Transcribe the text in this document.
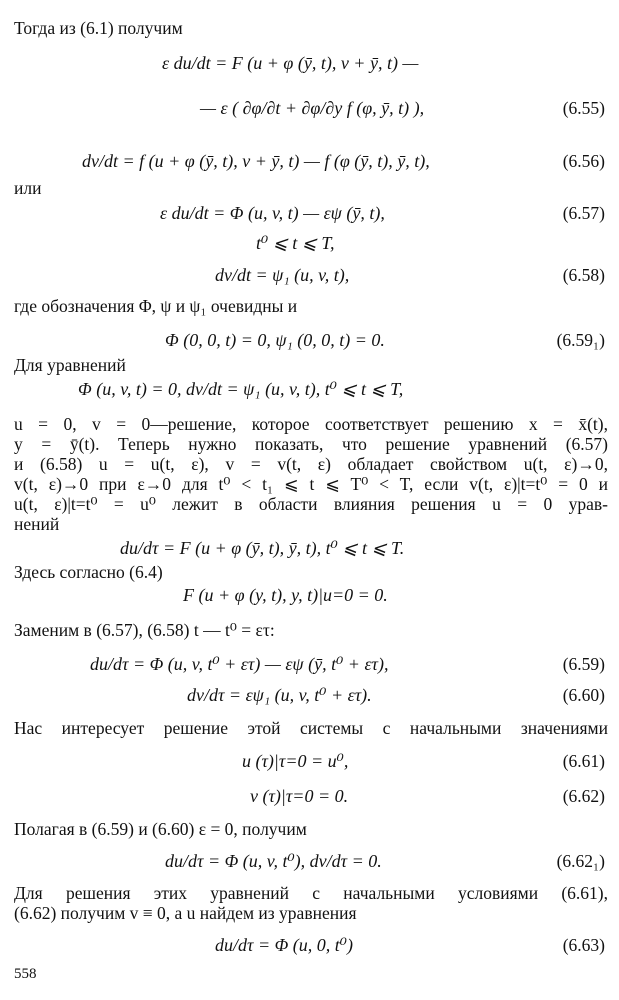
Тогда из (6.1) получим
ε du/dt = F (u + φ (ȳ, t), v + ȳ, t) —
— ε ( ∂φ/∂t + ∂φ/∂y f (φ, ȳ, t) ),	(6.55)
dv/dt = f (u + φ (ȳ, t), v + ȳ, t) — f (φ (ȳ, t), ȳ, t),	(6.56)
или
ε du/dt = Φ (u, v, t) — εψ (ȳ, t),	(6.57)
t⁰ ⩽ t ⩽ T,
dv/dt = ψ₁ (u, v, t),	(6.58)
где обозначения Φ, ψ и ψ₁ очевидны и
Φ (0, 0, t) = 0, ψ₁ (0, 0, t) = 0.	(6.59₁)
Для уравнений
Φ (u, v, t) = 0, dv/dt = ψ₁ (u, v, t), t⁰ ⩽ t ⩽ T,
u = 0, v = 0—решение, которое соответствует решению x = x̄(t),
y = ȳ(t). Теперь нужно показать, что решение уравнений (6.57)
и (6.58) u = u(t, ε), v = v(t, ε) обладает свойством u(t, ε)→0,
v(t, ε)→0 при ε→0 для t⁰ < t₁ ⩽ t ⩽ T⁰ < T, если v(t, ε)|t=t⁰ = 0 и
u(t, ε)|t=t⁰ = u⁰ лежит в области влияния решения u = 0 урав-
нений
du/dτ = F (u + φ (ȳ, t), ȳ, t), t⁰ ⩽ t ⩽ T.
Здесь согласно (6.4)
F (u + φ (y, t), y, t)|u=0 = 0.
Заменим в (6.57), (6.58) t — t⁰ = ετ:
du/dτ = Φ (u, v, t⁰ + ετ) — εψ (ȳ, t⁰ + ετ),	(6.59)
dv/dτ = εψ₁ (u, v, t⁰ + ετ).	(6.60)
Нас интересует решение этой системы с начальными значениями
u (τ)|τ=0 = u⁰,	(6.61)
v (τ)|τ=0 = 0.	(6.62)
Полагая в (6.59) и (6.60) ε = 0, получим
du/dτ = Φ (u, v, t⁰), dv/dτ = 0.	(6.62₁)
Для решения этих уравнений с начальными условиями (6.61),
(6.62) получим v ≡ 0, а u найдем из уравнения
du/dτ = Φ (u, 0, t⁰)	(6.63)
558
